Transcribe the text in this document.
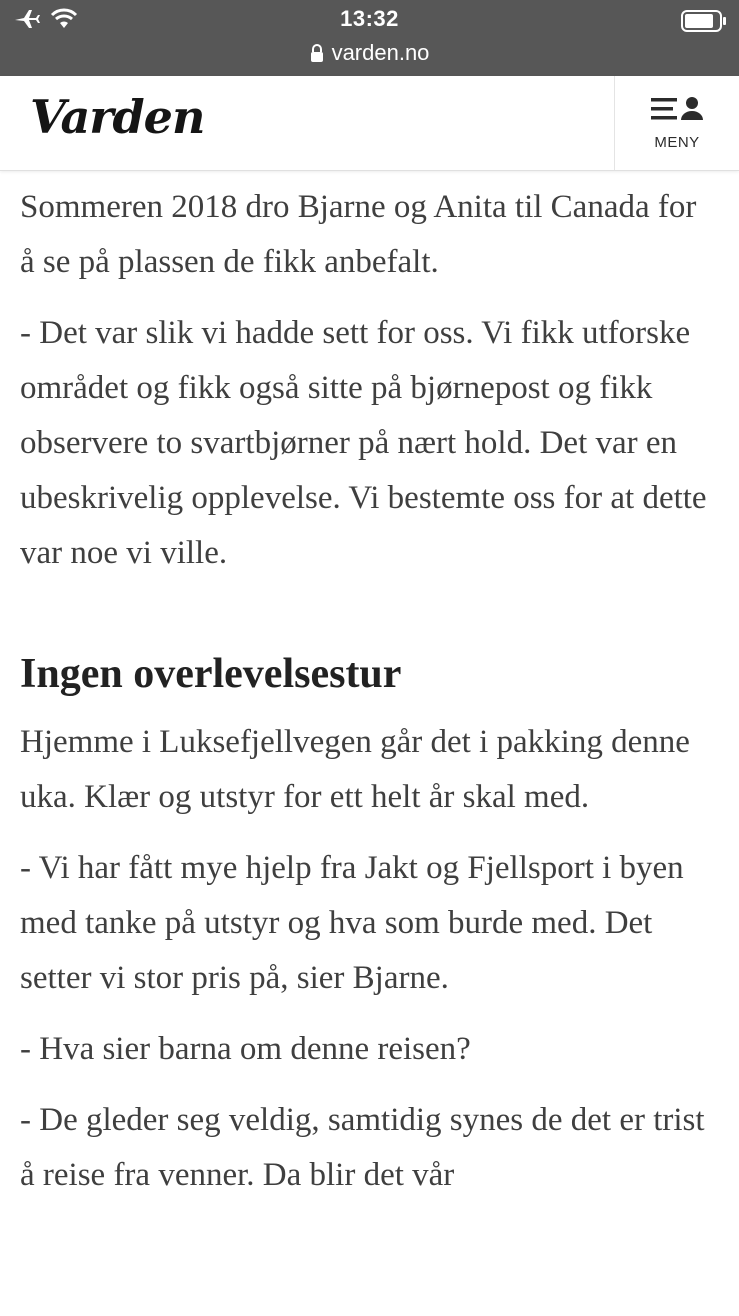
13:32
varden.no
Varden	MENY

Sommeren 2018 dro Bjarne og Anita til Canada for å se på plassen de fikk anbefalt.

- Det var slik vi hadde sett for oss. Vi fikk utforske området og fikk også sitte på bjørnepost og fikk observere to svartbjørner på nært hold. Det var en ubeskrivelig opplevelse. Vi bestemte oss for at dette var noe vi ville.

Ingen overlevelsestur

Hjemme i Luksefjellvegen går det i pakking denne uka. Klær og utstyr for ett helt år skal med.

- Vi har fått mye hjelp fra Jakt og Fjellsport i byen med tanke på utstyr og hva som burde med. Det setter vi stor pris på, sier Bjarne.

- Hva sier barna om denne reisen?

- De gleder seg veldig, samtidig synes de det er trist å reise fra venner. Da blir det vår
